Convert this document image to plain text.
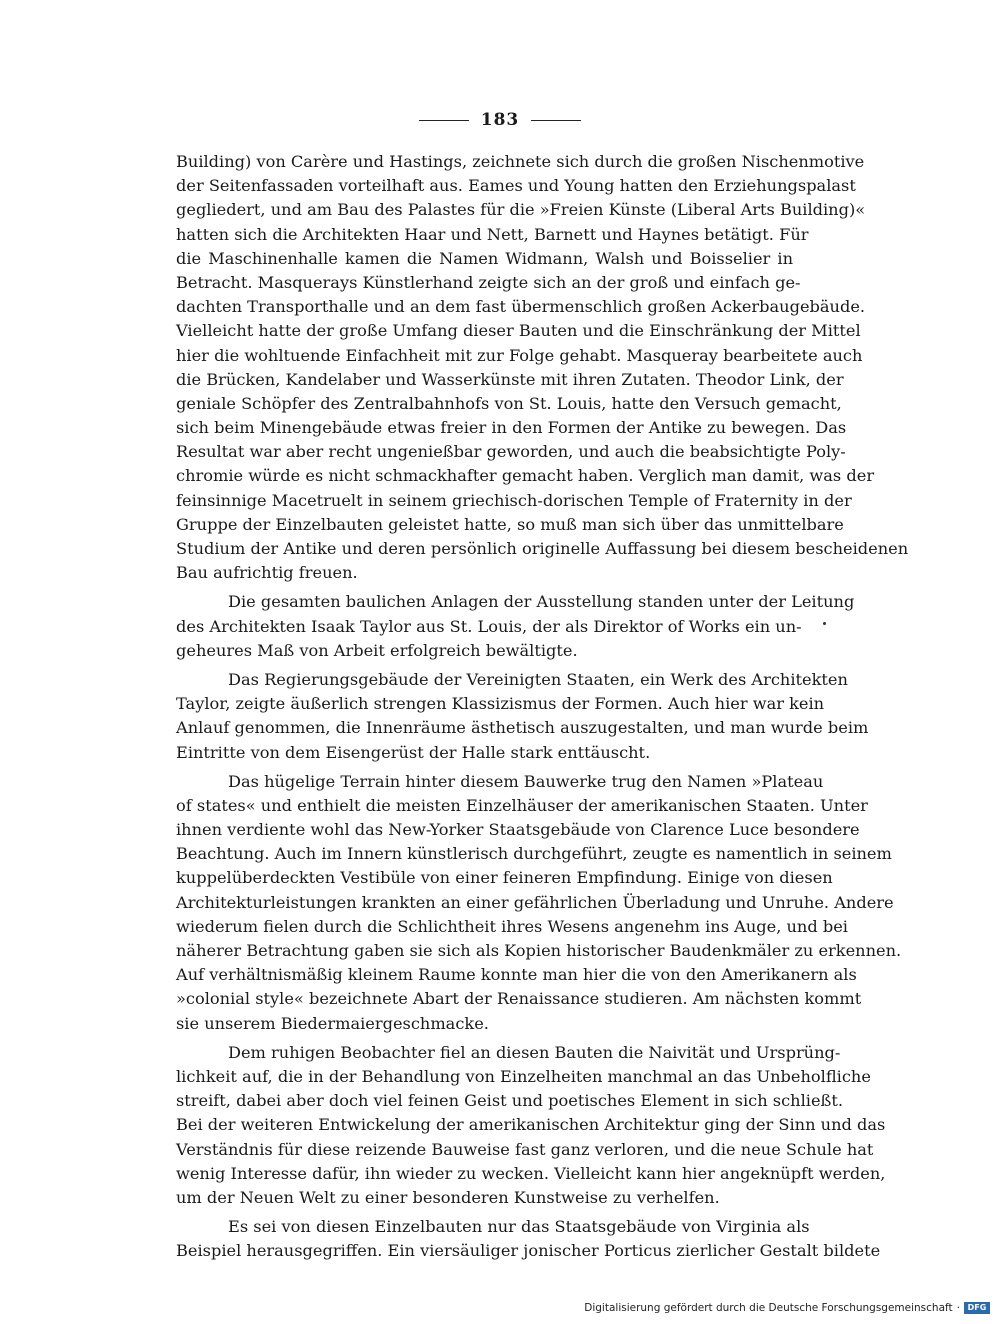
183
Building) von Carère und Hastings, zeichnete sich durch die großen Nischenmotive
der Seitenfassaden vorteilhaft aus. Eames und Young hatten den Erziehungspalast
gegliedert, und am Bau des Palastes für die »Freien Künste (Liberal Arts Building)«
hatten sich die Architekten Haar und Nett, Barnett und Haynes betätigt. Für
die Maschinenhalle kamen die Namen Widmann, Walsh und Boisselier in
Betracht. Masquerays Künstlerhand zeigte sich an der groß und einfach ge-
dachten Transporthalle und an dem fast übermenschlich großen Ackerbaugebäude.
Vielleicht hatte der große Umfang dieser Bauten und die Einschränkung der Mittel
hier die wohltuende Einfachheit mit zur Folge gehabt. Masqueray bearbeitete auch
die Brücken, Kandelaber und Wasserkünste mit ihren Zutaten. Theodor Link, der
geniale Schöpfer des Zentralbahnhofs von St. Louis, hatte den Versuch gemacht,
sich beim Minengebäude etwas freier in den Formen der Antike zu bewegen. Das
Resultat war aber recht ungenießbar geworden, und auch die beabsichtigte Poly-
chromie würde es nicht schmackhafter gemacht haben. Verglich man damit, was der
feinsinnige Macetruelt in seinem griechisch-dorischen Temple of Fraternity in der
Gruppe der Einzelbauten geleistet hatte, so muß man sich über das unmittelbare
Studium der Antike und deren persönlich originelle Auffassung bei diesem bescheidenen
Bau aufrichtig freuen.
Die gesamten baulichen Anlagen der Ausstellung standen unter der Leitung
des Architekten Isaak Taylor aus St. Louis, der als Direktor of Works ein un-
geheures Maß von Arbeit erfolgreich bewältigte.
Das Regierungsgebäude der Vereinigten Staaten, ein Werk des Architekten
Taylor, zeigte äußerlich strengen Klassizismus der Formen. Auch hier war kein
Anlauf genommen, die Innenräume ästhetisch auszugestalten, und man wurde beim
Eintritte von dem Eisengerüst der Halle stark enttäuscht.
Das hügelige Terrain hinter diesem Bauwerke trug den Namen »Plateau
of states« und enthielt die meisten Einzelhäuser der amerikanischen Staaten. Unter
ihnen verdiente wohl das New-Yorker Staatsgebäude von Clarence Luce besondere
Beachtung. Auch im Innern künstlerisch durchgeführt, zeugte es namentlich in seinem
kuppelüberdeckten Vestibüle von einer feineren Empfindung. Einige von diesen
Architekturleistungen krankten an einer gefährlichen Überladung und Unruhe. Andere
wiederum fielen durch die Schlichtheit ihres Wesens angenehm ins Auge, und bei
näherer Betrachtung gaben sie sich als Kopien historischer Baudenkmäler zu erkennen.
Auf verhältnismäßig kleinem Raume konnte man hier die von den Amerikanern als
»colonial style« bezeichnete Abart der Renaissance studieren. Am nächsten kommt
sie unserem Biedermaiergeschmacke.
Dem ruhigen Beobachter fiel an diesen Bauten die Naivität und Ursprüng-
lichkeit auf, die in der Behandlung von Einzelheiten manchmal an das Unbeholfliche
streift, dabei aber doch viel feinen Geist und poetisches Element in sich schließt.
Bei der weiteren Entwickelung der amerikanischen Architektur ging der Sinn und das
Verständnis für diese reizende Bauweise fast ganz verloren, und die neue Schule hat
wenig Interesse dafür, ihn wieder zu wecken. Vielleicht kann hier angeknüpft werden,
um der Neuen Welt zu einer besonderen Kunstweise zu verhelfen.
Es sei von diesen Einzelbauten nur das Staatsgebäude von Virginia als
Beispiel herausgegriffen. Ein viersäuliger jonischer Porticus zierlicher Gestalt bildete
Digitalisierung gefördert durch die Deutsche Forschungsgemeinschaft · DFG
